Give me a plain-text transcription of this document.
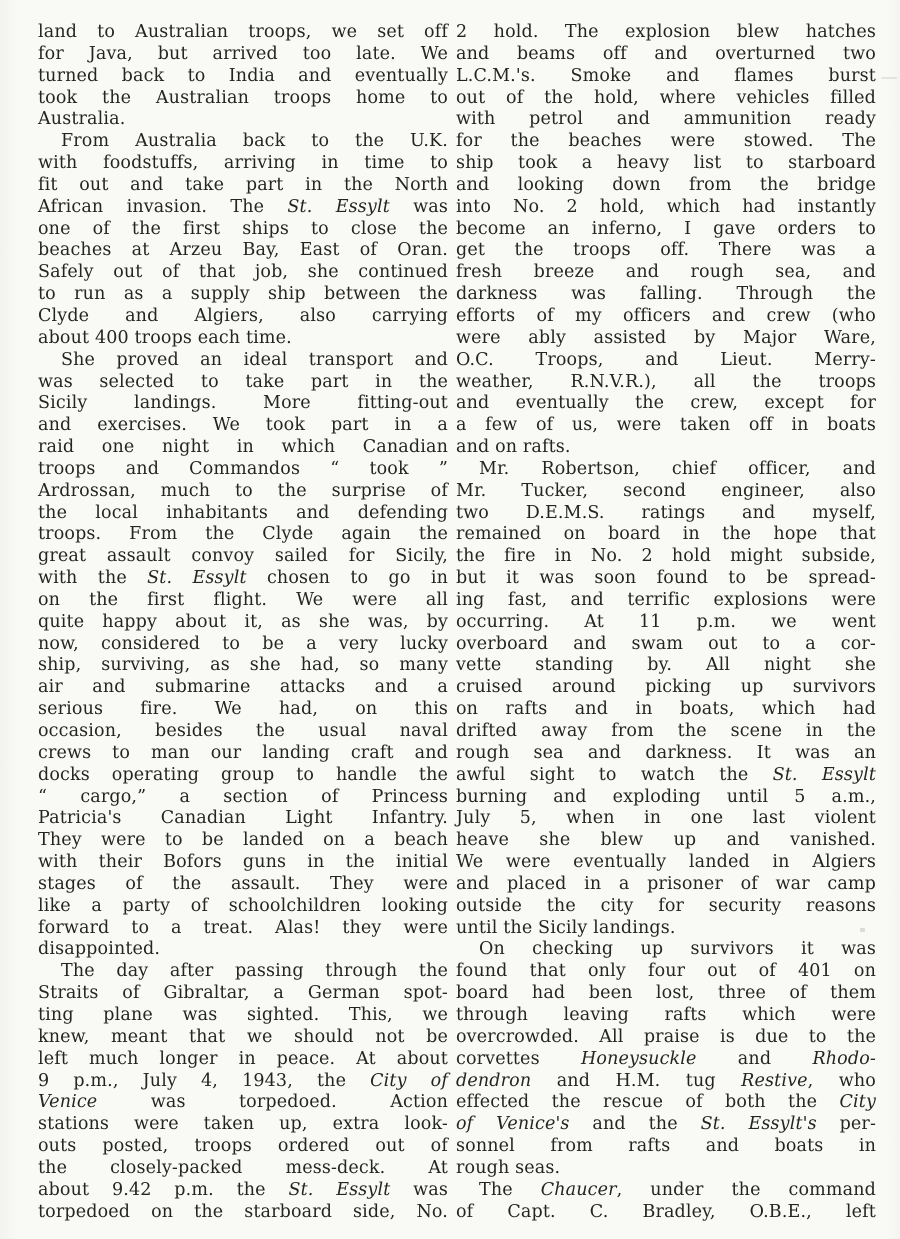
land to Australian troops, we set off
for Java, but arrived too late. We
turned back to India and eventually
took the Australian troops home to
Australia.
From Australia back to the U.K.
with foodstuffs, arriving in time to
fit out and take part in the North
African invasion. The St. Essylt was
one of the first ships to close the
beaches at Arzeu Bay, East of Oran.
Safely out of that job, she continued
to run as a supply ship between the
Clyde and Algiers, also carrying
about 400 troops each time.
She proved an ideal transport and
was selected to take part in the
Sicily landings. More fitting-out
and exercises. We took part in a
raid one night in which Canadian
troops and Commandos “ took ”
Ardrossan, much to the surprise of
the local inhabitants and defending
troops. From the Clyde again the
great assault convoy sailed for Sicily,
with the St. Essylt chosen to go in
on the first flight. We were all
quite happy about it, as she was, by
now, considered to be a very lucky
ship, surviving, as she had, so many
air and submarine attacks and a
serious fire. We had, on this
occasion, besides the usual naval
crews to man our landing craft and
docks operating group to handle the
“ cargo,” a section of Princess
Patricia's Canadian Light Infantry.
They were to be landed on a beach
with their Bofors guns in the initial
stages of the assault. They were
like a party of schoolchildren looking
forward to a treat. Alas! they were
disappointed.
The day after passing through the
Straits of Gibraltar, a German spot-
ting plane was sighted. This, we
knew, meant that we should not be
left much longer in peace. At about
9 p.m., July 4, 1943, the City of
Venice was torpedoed. Action
stations were taken up, extra look-
outs posted, troops ordered out of
the closely-packed mess-deck. At
about 9.42 p.m. the St. Essylt was
torpedoed on the starboard side, No.
2 hold. The explosion blew hatches
and beams off and overturned two
L.C.M.'s. Smoke and flames burst
out of the hold, where vehicles filled
with petrol and ammunition ready
for the beaches were stowed. The
ship took a heavy list to starboard
and looking down from the bridge
into No. 2 hold, which had instantly
become an inferno, I gave orders to
get the troops off. There was a
fresh breeze and rough sea, and
darkness was falling. Through the
efforts of my officers and crew (who
were ably assisted by Major Ware,
O.C. Troops, and Lieut. Merry-
weather, R.N.V.R.), all the troops
and eventually the crew, except for
a few of us, were taken off in boats
and on rafts.
Mr. Robertson, chief officer, and
Mr. Tucker, second engineer, also
two D.E.M.S. ratings and myself,
remained on board in the hope that
the fire in No. 2 hold might subside,
but it was soon found to be spread-
ing fast, and terrific explosions were
occurring. At 11 p.m. we went
overboard and swam out to a cor-
vette standing by. All night she
cruised around picking up survivors
on rafts and in boats, which had
drifted away from the scene in the
rough sea and darkness. It was an
awful sight to watch the St. Essylt
burning and exploding until 5 a.m.,
July 5, when in one last violent
heave she blew up and vanished.
We were eventually landed in Algiers
and placed in a prisoner of war camp
outside the city for security reasons
until the Sicily landings.
On checking up survivors it was
found that only four out of 401 on
board had been lost, three of them
through leaving rafts which were
overcrowded. All praise is due to the
corvettes Honeysuckle and Rhodo-
dendron and H.M. tug Restive, who
effected the rescue of both the City
of Venice's and the St. Essylt's per-
sonnel from rafts and boats in
rough seas.
The Chaucer, under the command
of Capt. C. Bradley, O.B.E., left
